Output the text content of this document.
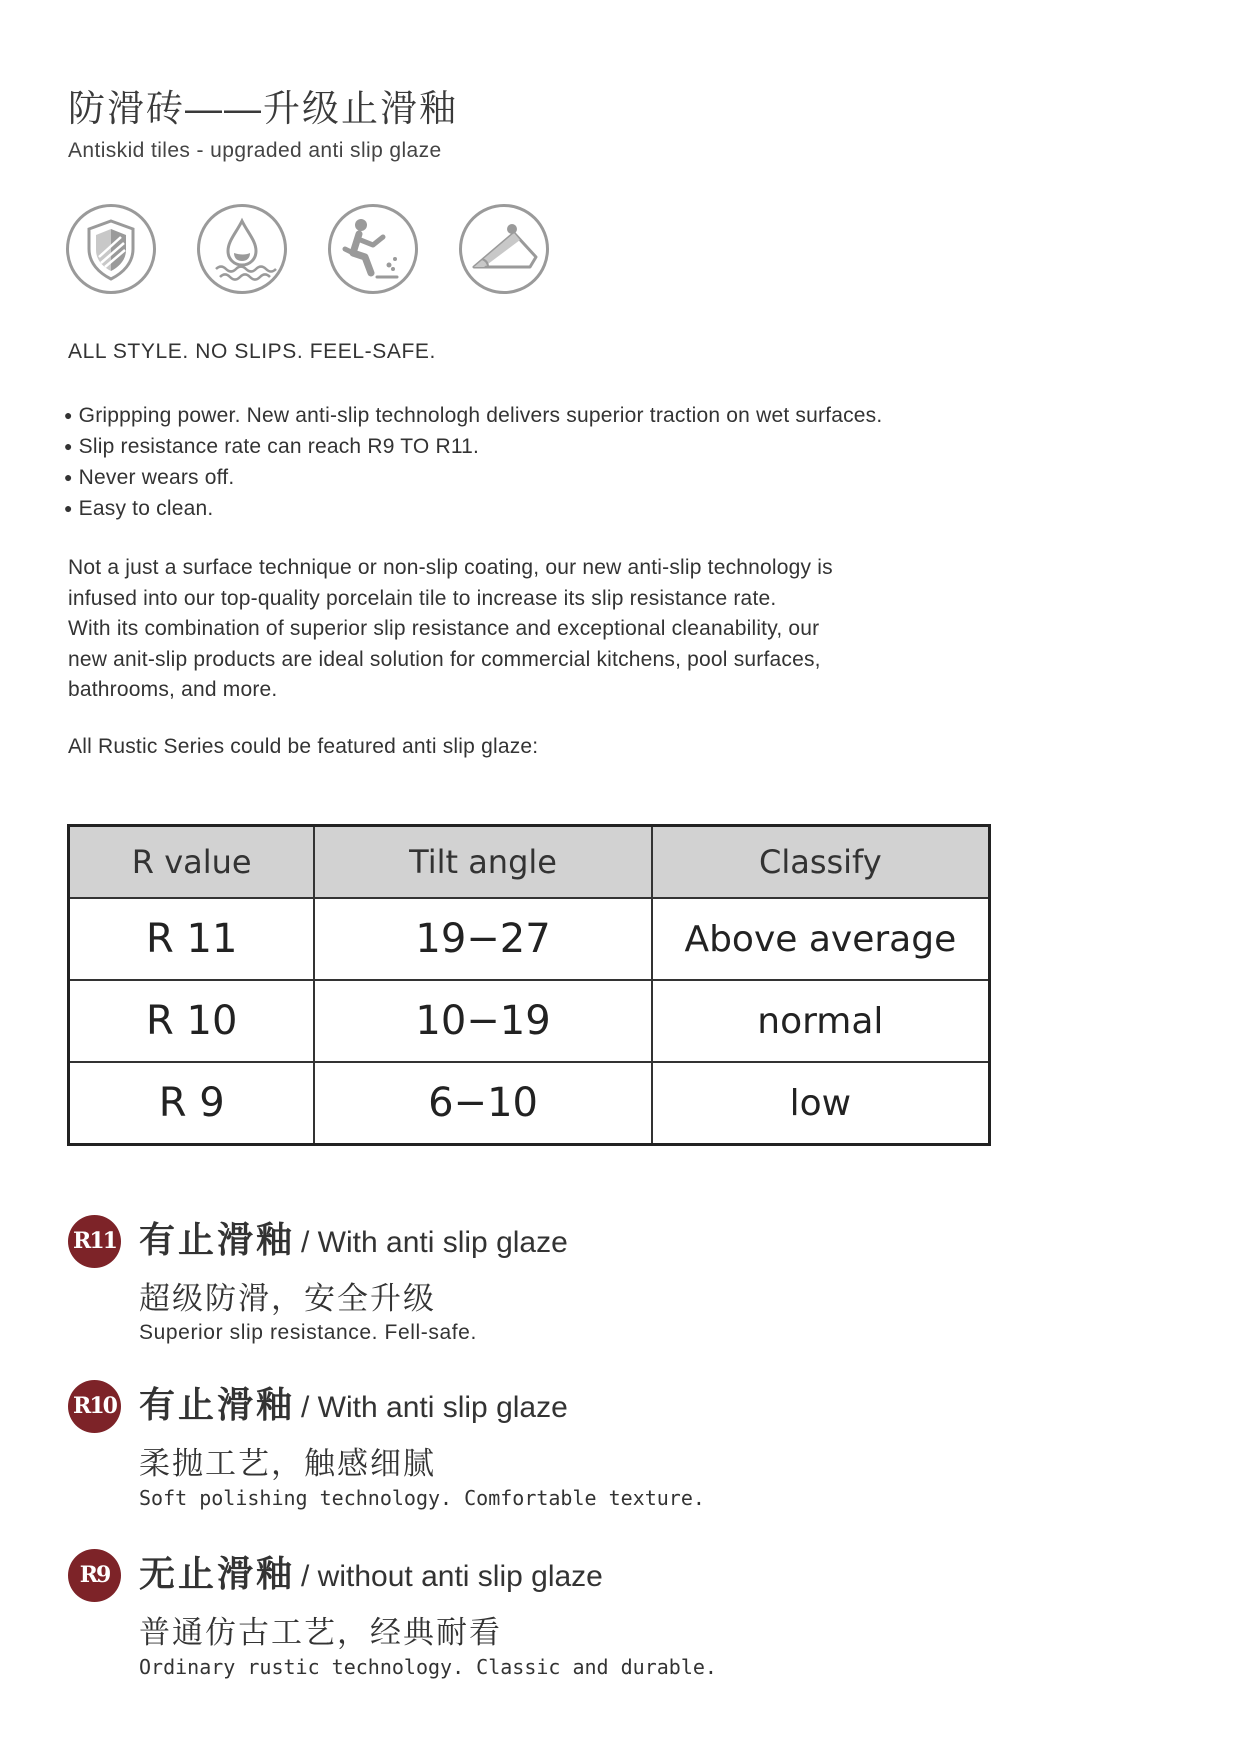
防滑砖——升级止滑釉
Antiskid tiles - upgraded anti slip glaze
ALL STYLE. NO SLIPS. FEEL-SAFE.
● Grippping power. New anti-slip technologh delivers superior traction on wet surfaces.
● Slip resistance rate can reach R9 TO R11.
● Never wears off.
● Easy to clean.
Not a just a surface technique or non-slip coating, our new anti-slip technology is
infused into our top-quality porcelain tile to increase its slip resistance rate.
With its combination of superior slip resistance and exceptional cleanability, our
new anit-slip products are ideal solution for commercial kitchens, pool surfaces,
bathrooms, and more.
All Rustic Series could be featured anti slip glaze:
R value	Tilt angle	Classify
R 11	19−27	Above average
R 10	10−19	normal
R 9	6−10	low
R11 有止滑釉 / With anti slip glaze
超级防滑，安全升级
Superior slip resistance. Fell-safe.
R10 有止滑釉 / With anti slip glaze
柔抛工艺，触感细腻
Soft polishing technology. Comfortable texture.
R9 无止滑釉 / without anti slip glaze
普通仿古工艺，经典耐看
Ordinary rustic technology. Classic and durable.
